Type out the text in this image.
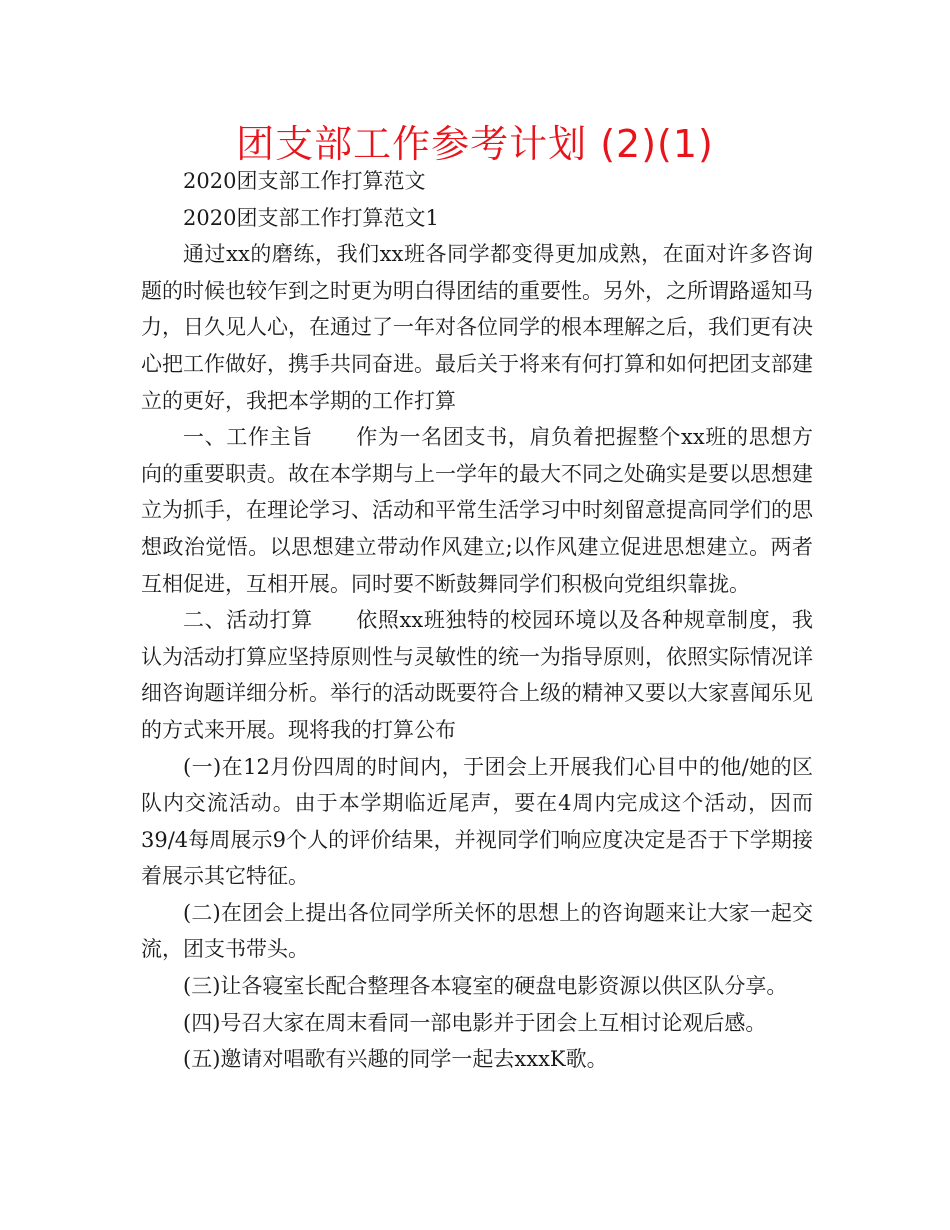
团支部工作参考计划 (2)(1)

2020团支部工作打算范文

2020团支部工作打算范文1

通过xx的磨练，我们xx班各同学都变得更加成熟，在面对许多咨询题的时候也较乍到之时更为明白得团结的重要性。另外，之所谓路遥知马力，日久见人心，在通过了一年对各位同学的根本理解之后，我们更有决心把工作做好，携手共同奋进。最后关于将来有何打算和如何把团支部建立的更好，我把本学期的工作打算

一、工作主旨　　作为一名团支书，肩负着把握整个xx班的思想方向的重要职责。故在本学期与上一学年的最大不同之处确实是要以思想建立为抓手，在理论学习、活动和平常生活学习中时刻留意提高同学们的思想政治觉悟。以思想建立带动作风建立;以作风建立促进思想建立。两者互相促进，互相开展。同时要不断鼓舞同学们积极向党组织靠拢。

二、活动打算　　依照xx班独特的校园环境以及各种规章制度，我认为活动打算应坚持原则性与灵敏性的统一为指导原则，依照实际情况详细咨询题详细分析。举行的活动既要符合上级的精神又要以大家喜闻乐见的方式来开展。现将我的打算公布

(一)在12月份四周的时间内，于团会上开展我们心目中的他/她的区队内交流活动。由于本学期临近尾声，要在4周内完成这个活动，因而39/4每周展示9个人的评价结果，并视同学们响应度决定是否于下学期接着展示其它特征。

(二)在团会上提出各位同学所关怀的思想上的咨询题来让大家一起交流，团支书带头。

(三)让各寝室长配合整理各本寝室的硬盘电影资源以供区队分享。

(四)号召大家在周末看同一部电影并于团会上互相讨论观后感。

(五)邀请对唱歌有兴趣的同学一起去xxxK歌。
